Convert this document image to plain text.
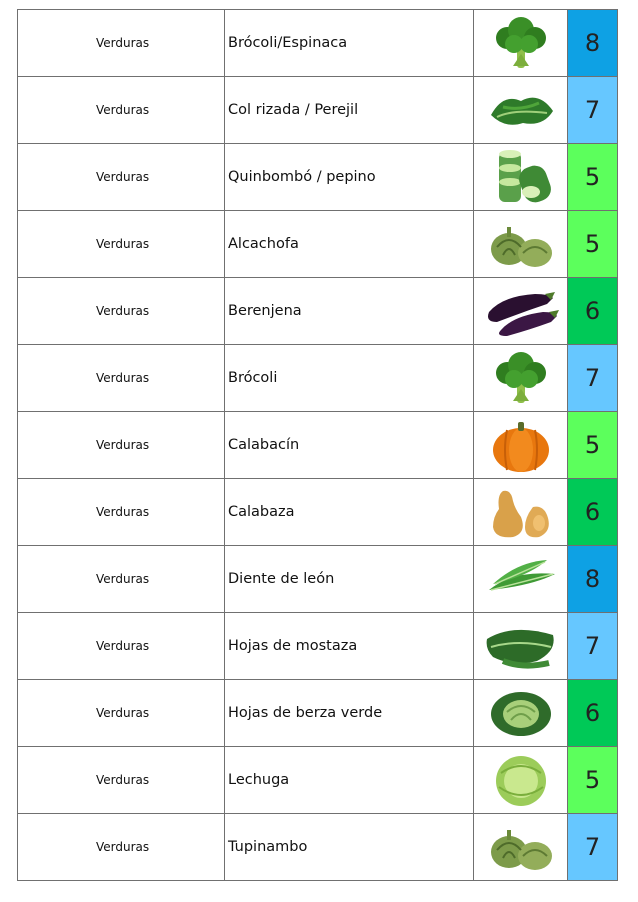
Verduras	Brócoli/Espinaca		8
Verduras	Col rizada / Perejil		7
Verduras	Quinbombó / pepino		5
Verduras	Alcachofa		5
Verduras	Berenjena		6
Verduras	Brócoli		7
Verduras	Calabacín		5
Verduras	Calabaza		6
Verduras	Diente de león		8
Verduras	Hojas de mostaza		7
Verduras	Hojas de berza verde		6
Verduras	Lechuga		5
Verduras	Tupinambo		7
